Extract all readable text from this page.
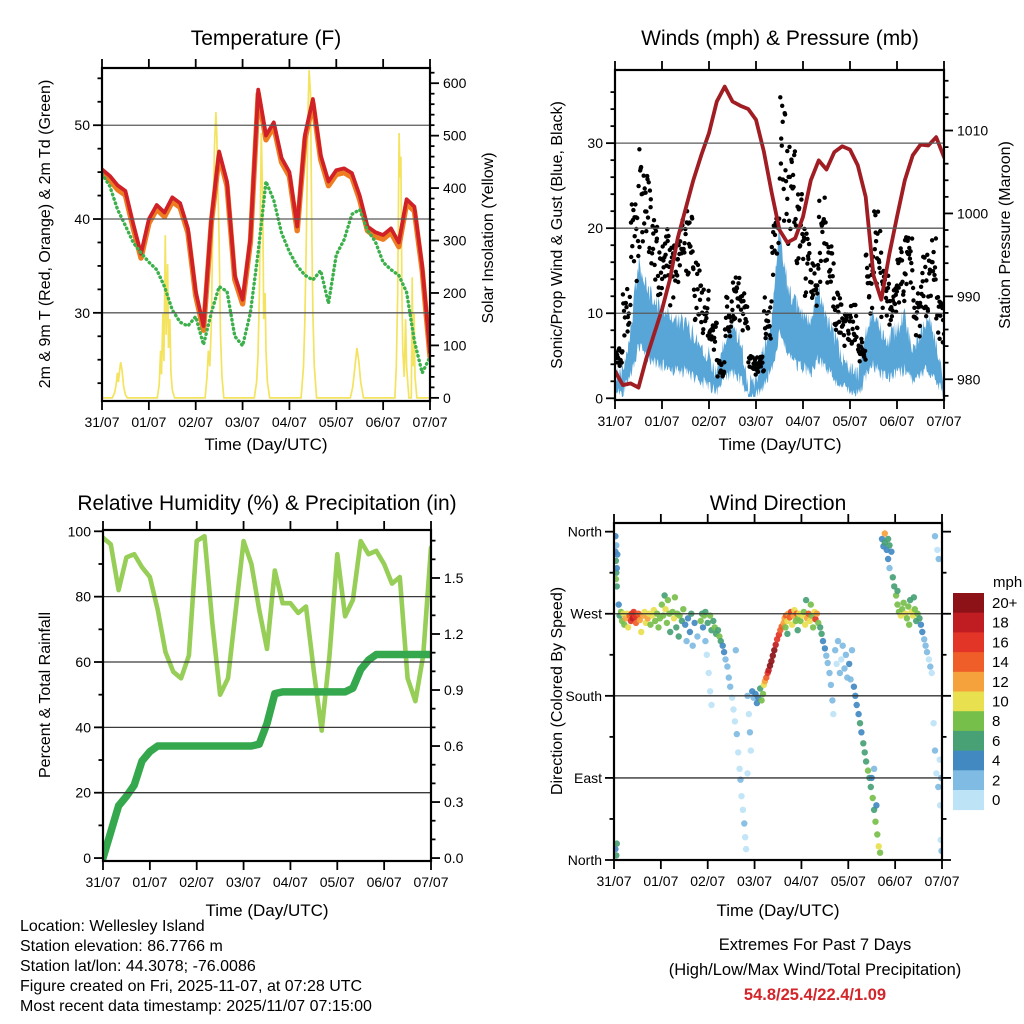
Temperature (F)
2m & 9m T (Red, Orange) & 2m Td (Green)	Solar Insolation (Yellow)
Time (Day/UTC)
30
40
50
0
100
200
300
400
500
600
31/07 01/07 02/07 03/07 04/07 05/07 06/07 07/07
Winds (mph) & Pressure (mb)
Sonic/Prop Wind & Gust (Blue, Black)	Station Pressure (Maroon)
Time (Day/UTC)
0
10
20
30
980
990
1000
1010
31/07 01/07 02/07 03/07 04/07 05/07 06/07 07/07
Relative Humidity (%) & Precipitation (in)
Percent & Total Rainfall
Time (Day/UTC)
0
20
40
60
80
100
0.0
0.3
0.6
0.9
1.2
1.5
31/07 01/07 02/07 03/07 04/07 05/07 06/07 07/07
Wind Direction
Direction (Colored By Speed)
Time (Day/UTC)
mph
North
West
South
East
North
31/07 01/07 02/07 03/07 04/07 05/07 06/07 07/07
20+
18
16
14
12
10
8
6
4
2
0
Location: Wellesley Island
Station elevation: 86.7766 m
Station lat/lon: 44.3078; -76.0086
Figure created on Fri, 2025-11-07, at 07:28 UTC
Most recent data timestamp: 2025/11/07 07:15:00
Extremes For Past 7 Days
(High/Low/Max Wind/Total Precipitation)
54.8/25.4/22.4/1.09
